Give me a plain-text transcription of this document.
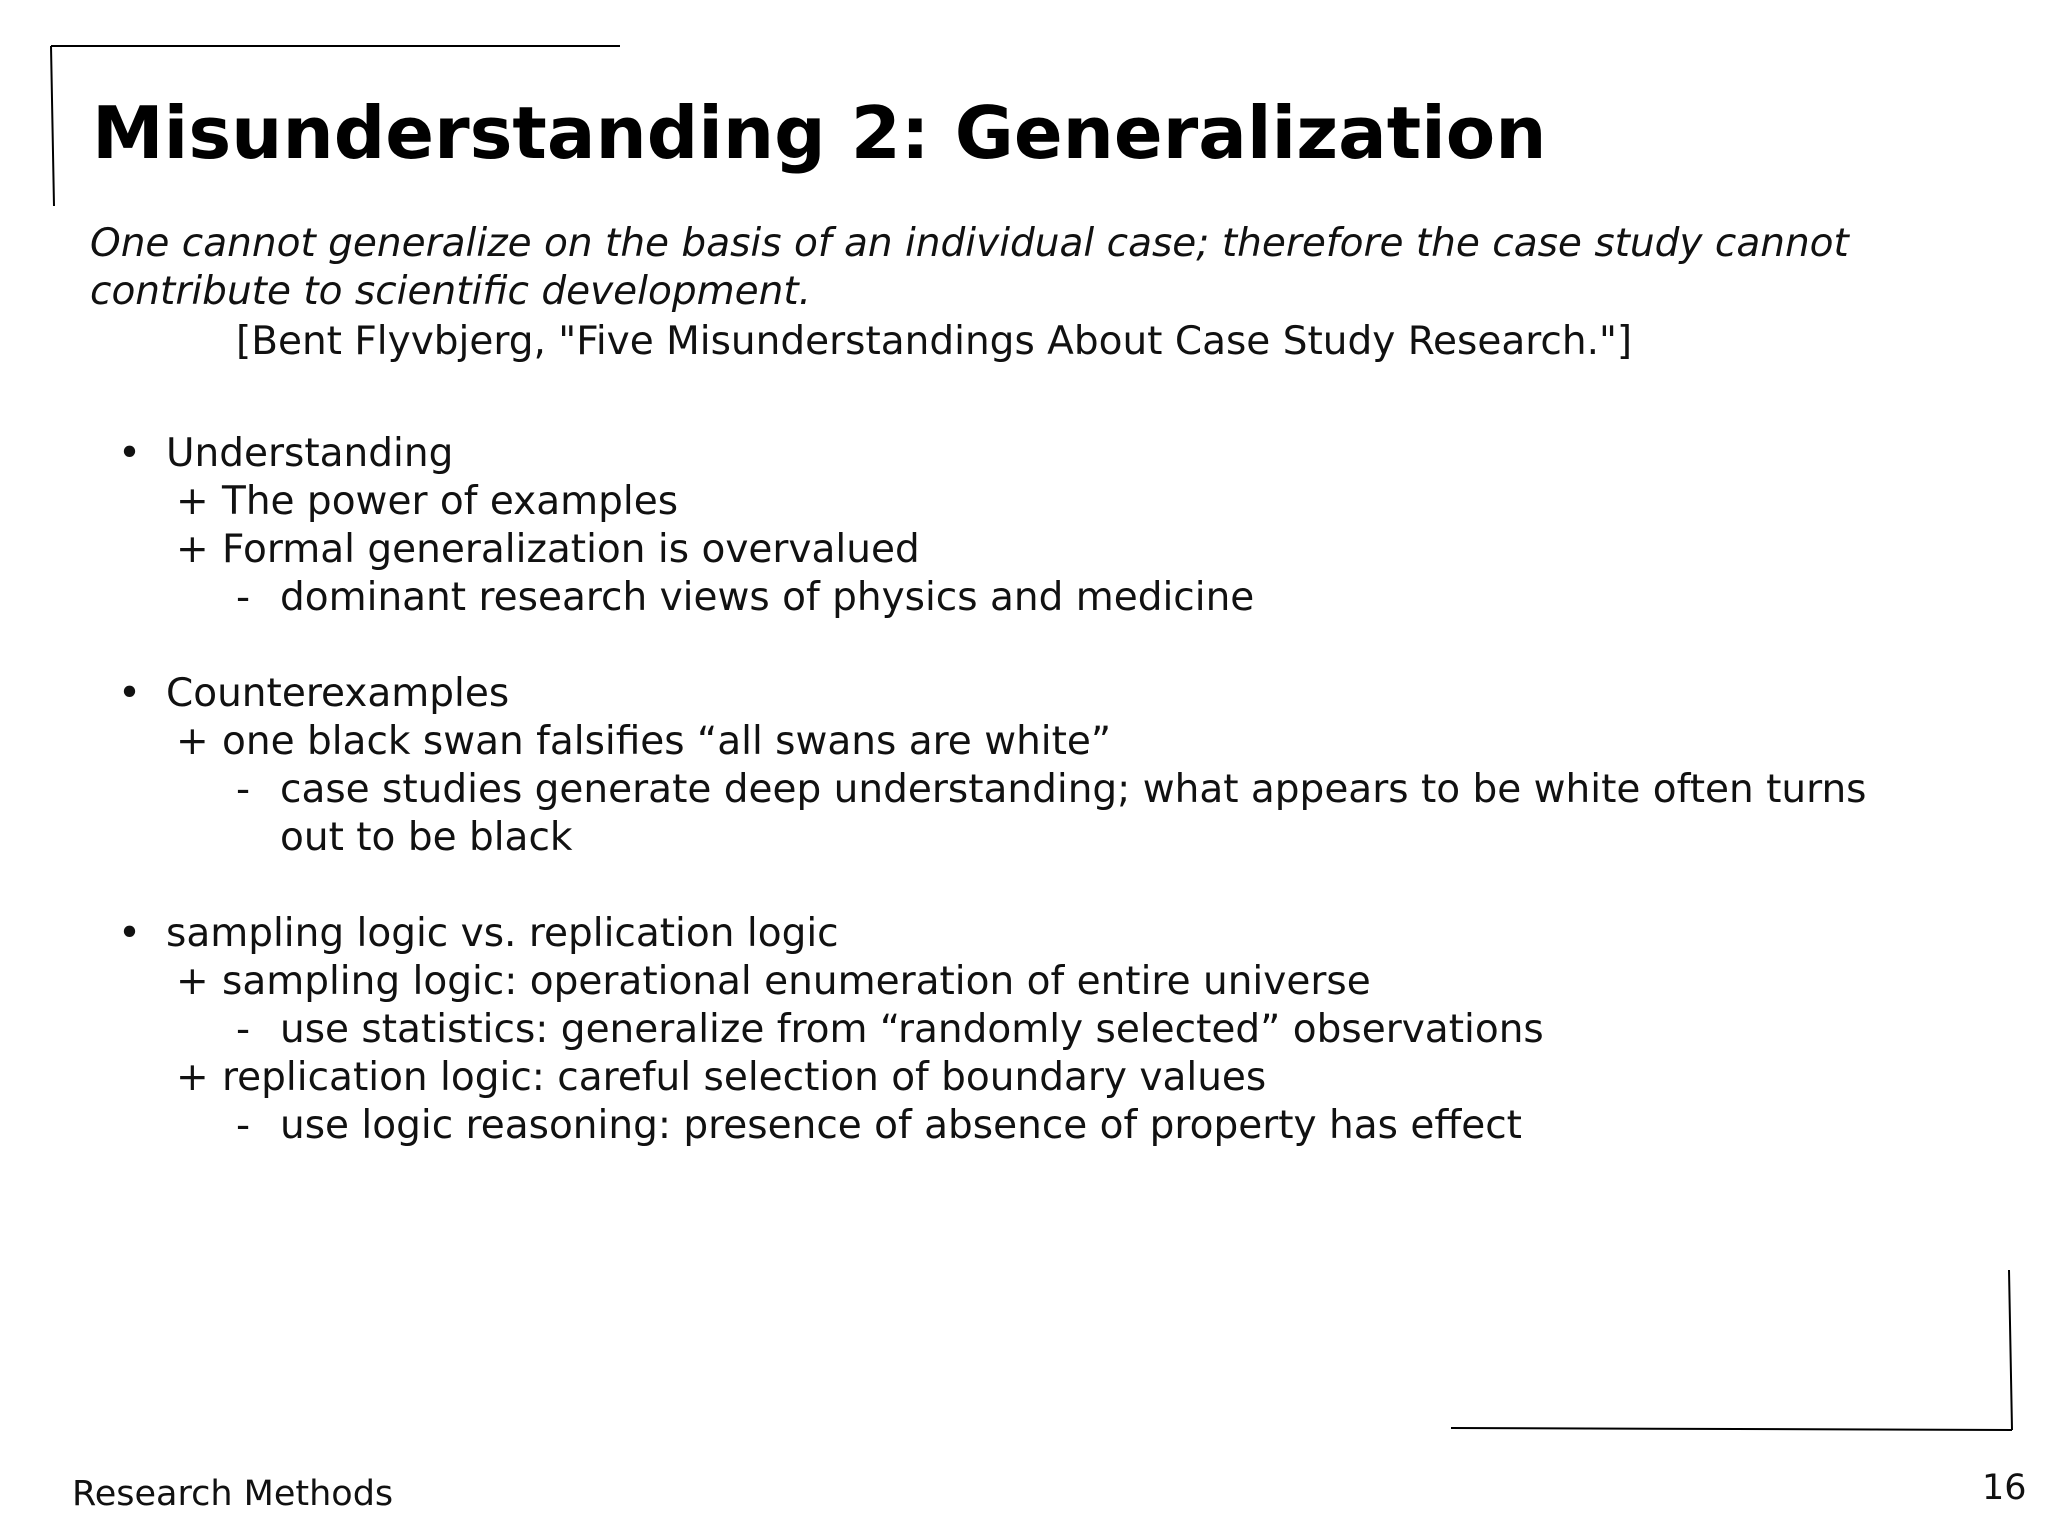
Misunderstanding 2: Generalization

One cannot generalize on the basis of an individual case; therefore the case study cannot contribute to scientific development.

[Bent Flyvbjerg, "Five Misunderstandings About Case Study Research."]

• Understanding
+ The power of examples
+ Formal generalization is overvalued
- dominant research views of physics and medicine
• Counterexamples
+ one black swan falsifies “all swans are white”
- case studies generate deep understanding; what appears to be white often turns out to be black
• sampling logic vs. replication logic
+ sampling logic: operational enumeration of entire universe
- use statistics: generalize from “randomly selected” observations
+ replication logic: careful selection of boundary values
- use logic reasoning: presence of absence of property has effect
Research Methods	16
